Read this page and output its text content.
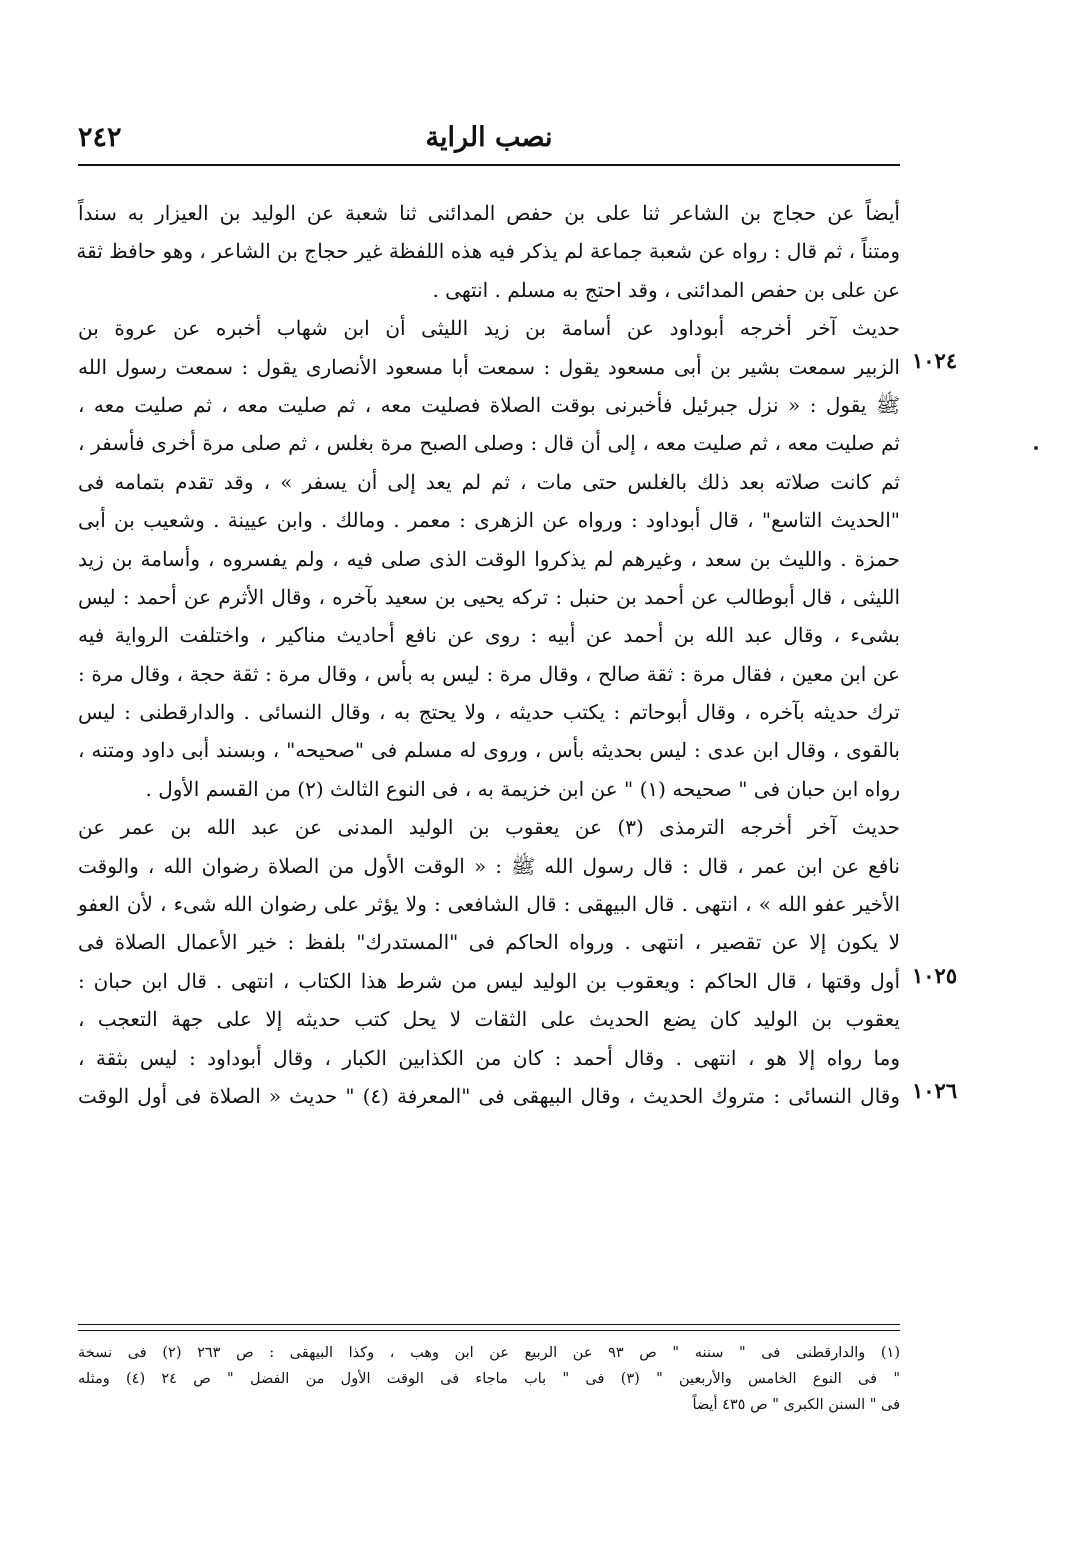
٢٤٢	نصب الراية
أيضاً عن حجاج بن الشاعر ثنا على بن حفص المدائنى ثنا شعبة عن الوليد بن العيزار به سنداً
ومتناً ، ثم قال : رواه عن شعبة جماعة لم يذكر فيه هذه اللفظة غير حجاج بن الشاعر ، وهو حافظ ثقة
عن على بن حفص المدائنى ، وقد احتج به مسلم . انتهى .
حديث آخر أخرجه أبوداود عن أسامة بن زيد الليثى أن ابن شهاب أخبره عن عروة بن
الزبير سمعت بشير بن أبى مسعود يقول : سمعت أبا مسعود الأنصارى يقول : سمعت رسول الله
ﷺ يقول : « نزل جبرئيل فأخبرنى بوقت الصلاة فصليت معه ، ثم صليت معه ، ثم صليت معه ،
ثم صليت معه ، ثم صليت معه ، إلى أن قال : وصلى الصبح مرة بغلس ، ثم صلى مرة أخرى فأسفر ،
ثم كانت صلاته بعد ذلك بالغلس حتى مات ، ثم لم يعد إلى أن يسفر » ، وقد تقدم بتمامه فى
"الحديث التاسع" ، قال أبوداود : ورواه عن الزهرى : معمر . ومالك . وابن عيينة . وشعيب بن أبى
حمزة . والليث بن سعد ، وغيرهم لم يذكروا الوقت الذى صلى فيه ، ولم يفسروه ، وأسامة بن زيد
الليثى ، قال أبوطالب عن أحمد بن حنبل : تركه يحيى بن سعيد بآخره ، وقال الأثرم عن أحمد : ليس
بشىء ، وقال عبد الله بن أحمد عن أبيه : روى عن نافع أحاديث مناكير ، واختلفت الرواية فيه
عن ابن معين ، فقال مرة : ثقة صالح ، وقال مرة : ليس به بأس ، وقال مرة : ثقة حجة ، وقال مرة :
ترك حديثه بآخره ، وقال أبوحاتم : يكتب حديثه ، ولا يحتج به ، وقال النسائى . والدارقطنى : ليس
بالقوى ، وقال ابن عدى : ليس بحديثه بأس ، وروى له مسلم فى "صحيحه" ، وبسند أبى داود ومتنه ،
رواه ابن حبان فى " صحيحه (١) " عن ابن خزيمة به ، فى النوع الثالث (٢) من القسم الأول .
حديث آخر أخرجه الترمذى (٣) عن يعقوب بن الوليد المدنى عن عبد الله بن عمر عن
نافع عن ابن عمر ، قال : قال رسول الله ﷺ : « الوقت الأول من الصلاة رضوان الله ، والوقت
الأخير عفو الله » ، انتهى . قال البيهقى : قال الشافعى : ولا يؤثر على رضوان الله شىء ، لأن العفو
لا يكون إلا عن تقصير ، انتهى . ورواه الحاكم فى "المستدرك" بلفظ : خير الأعمال الصلاة فى
أول وقتها ، قال الحاكم : ويعقوب بن الوليد ليس من شرط هذا الكتاب ، انتهى . قال ابن حبان :
يعقوب بن الوليد كان يضع الحديث على الثقات لا يحل كتب حديثه إلا على جهة التعجب ،
وما رواه إلا هو ، انتهى . وقال أحمد : كان من الكذابين الكبار ، وقال أبوداود : ليس بثقة ،
وقال النسائى : متروك الحديث ، وقال البيهقى فى "المعرفة (٤) " حديث « الصلاة فى أول الوقت
١٠٢٤
١٠٢٥
١٠٢٦
(١) والدارقطنى فى " سننه " ص ٩٣ عن الربيع عن ابن وهب ، وكذا البيهقى : ص ٢٦٣ (٢) فى نسخة
" فى النوع الخامس والأربعين " (٣) فى " باب ماجاء فى الوقت الأول من الفضل " ص ٢٤ (٤) ومثله
فى " السنن الكبرى " ص ٤٣٥ أيضاً
